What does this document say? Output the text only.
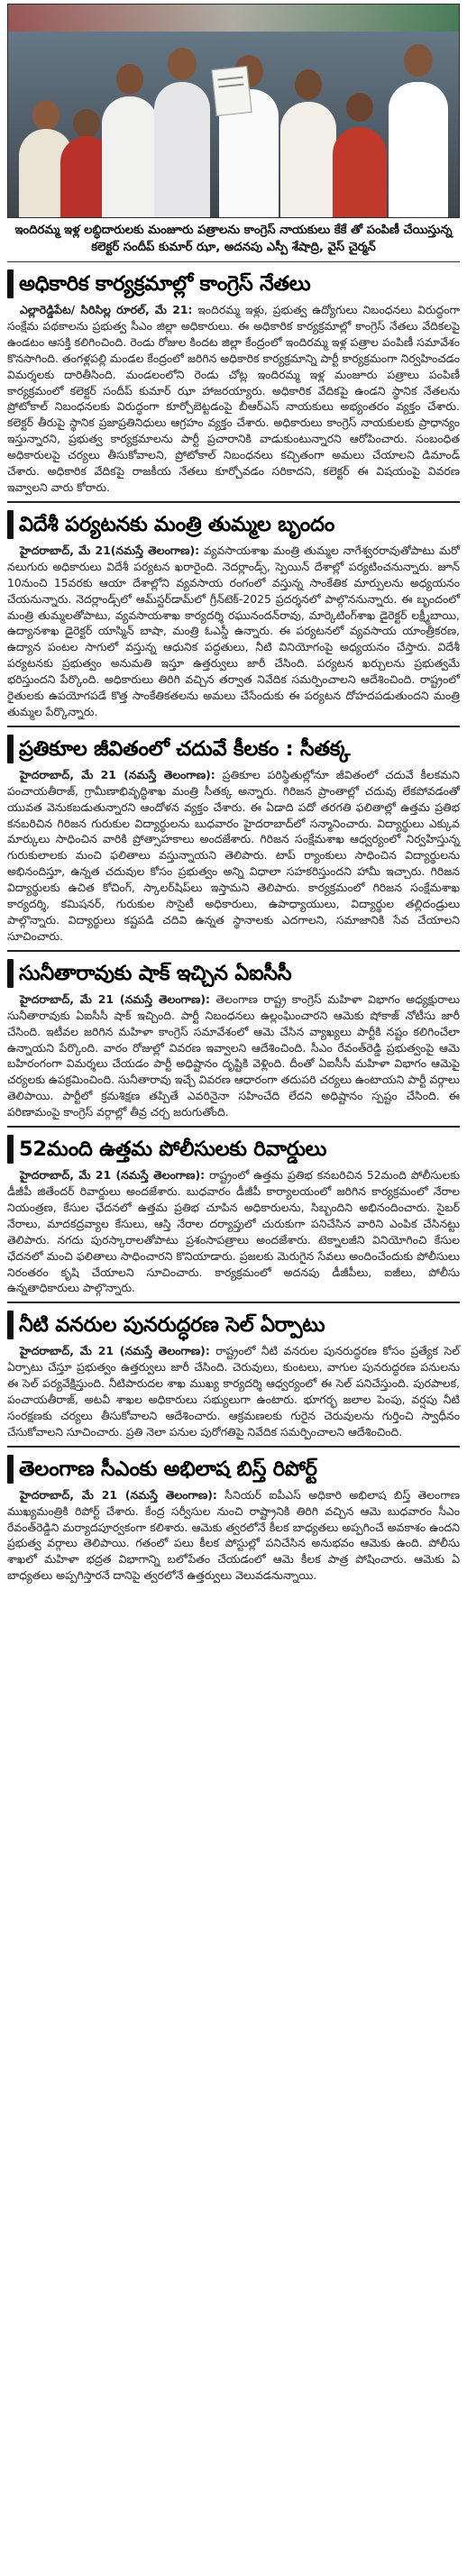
ఇందిరమ్మ ఇళ్ల లబ్ధిదారులకు మంజూరు పత్రాలను కాంగ్రెస్ నాయకులు కేకే తో పంపిణీ చేయిస్తున్న కలెక్టర్ సందీప్ కుమార్ ఝా, అదనపు ఎస్పీ శేషాద్రి, వైస్ చైర్మన్
అధికారిక కార్యక్రమాల్లో కాంగ్రెస్ నేతలు

ఎల్లారెడ్డిపేట/ సిరిసిల్ల రూరల్, మే 21: ఇందిరమ్మ ఇళ్లు, ప్రభుత్వ ఉద్యోగులు నిబంధనలు విరుద్ధంగా సంక్షేమ పథకాలను ప్రభుత్వ సీఎం జిల్లా అధికారులు. ఈ అధికారిక కార్యక్రమాల్లో కాంగ్రెస్ నేతలు వేదికలపై ఉండటం ఆసక్తి కలిగించింది. రెండు రోజుల కిందట జిల్లా కేంద్రంలో ఇందిరమ్మ ఇళ్ల పత్రాల పంపిణీ సమావేశం కొనసాగింది. తంగళ్లపల్లి మండల కేంద్రంలో జరిగిన అధికారిక కార్యక్రమాన్ని పార్టీ కార్యక్రమంగా నిర్వహించడం విమర్శలకు దారితీసింది. మండలంలోని రెండు చోట్ల ఇందిరమ్మ ఇళ్ల మంజూరు పత్రాలు పంపిణీ కార్యక్రమంలో కలెక్టర్ సందీప్ కుమార్ ఝా హాజరయ్యారు. అధికారిక వేదికపై ఉండని స్థానిక నేతలను ప్రోటోకాల్ నిబంధనలకు విరుద్ధంగా కూర్చోబెట్టడంపై బీఆర్ఎస్ నాయకులు అభ్యంతరం వ్యక్తం చేశారు. కలెక్టర్ తీరుపై స్థానిక ప్రజాప్రతినిధులు ఆగ్రహం వ్యక్తం చేశారు. అధికారులు కాంగ్రెస్ నాయకులకు ప్రాధాన్యం ఇస్తున్నారని, ప్రభుత్వ కార్యక్రమాలను పార్టీ ప్రచారానికి వాడుకుంటున్నారని ఆరోపించారు. సంబంధిత అధికారులపై చర్యలు తీసుకోవాలని, ప్రోటోకాల్ నిబంధనలు కచ్చితంగా అమలు చేయాలని డిమాండ్ చేశారు. అధికారిక వేదికపై రాజకీయ నేతలు కూర్చోవడం సరికాదని, కలెక్టర్ ఈ విషయంపై వివరణ ఇవ్వాలని వారు కోరారు.

విదేశీ పర్యటనకు మంత్రి తుమ్మల బృందం

హైదరాబాద్, మే 21(నమస్తే తెలంగాణ): వ్యవసాయశాఖ మంత్రి తుమ్మల నాగేశ్వరరావుతోపాటు మరో నలుగురు అధికారులు విదేశీ పర్యటన ఖరారైంది. నెదర్లాండ్స్, స్పెయిన్ దేశాల్లో పర్యటించనున్నారు. జూన్ 10నుంచి 15వరకు ఆయా దేశాల్లోని వ్యవసాయ రంగంలో వస్తున్న సాంకేతిక మార్పులను అధ్యయనం చేయనున్నారు. నెదర్లాండ్స్‌లో ఆమ్‌స్టర్‌డామ్‌లో గ్రీన్‌టెక్-2025 ప్రదర్శనలో పాల్గొననున్నారు. ఈ బృందంలో మంత్రి తుమ్మలతోపాటు, వ్యవసాయశాఖ కార్యదర్శి రఘునందన్‌రావు, మార్కెటింగ్‌శాఖ డైరెక్టర్ లక్ష్మీబాయి, ఉద్యానశాఖ డైరెక్టర్ యాస్మిన్ బాషా, మంత్రి ఓఎస్డీ ఉన్నారు. ఈ పర్యటనలో వ్యవసాయ యాంత్రీకరణ, ఉద్యాన పంటల సాగులో వస్తున్న ఆధునిక పద్ధతులు, నీటి వినియోగంపై అధ్యయనం చేస్తారు. విదేశీ పర్యటనకు ప్రభుత్వం అనుమతి ఇస్తూ ఉత్తర్వులు జారీ చేసింది. పర్యటన ఖర్చులను ప్రభుత్వమే భరిస్తుందని పేర్కొంది. అధికారులు తిరిగి వచ్చిన తర్వాత నివేదిక సమర్పించాలని ఆదేశించింది. రాష్ట్రంలో రైతులకు ఉపయోగపడే కొత్త సాంకేతికతలను అమలు చేసేందుకు ఈ పర్యటన దోహదపడుతుందని మంత్రి తుమ్మల పేర్కొన్నారు.

ప్రతికూల జీవితంలో చదువే కీలకం : సీతక్క

హైదరాబాద్, మే 21 (నమస్తే తెలంగాణ): ప్రతికూల పరిస్థితుల్లోనూ జీవితంలో చదువే కీలకమని పంచాయతీరాజ్, గ్రామీణాభివృద్ధిశాఖ మంత్రి సీతక్క అన్నారు. గిరిజన ప్రాంతాల్లో చదువు లేకపోవడంతో యువత వెనుకబడుతున్నారని ఆందోళన వ్యక్తం చేశారు. ఈ ఏడాది పదో తరగతి ఫలితాల్లో ఉత్తమ ప్రతిభ కనబరిచిన గిరిజన గురుకుల విద్యార్థులను బుధవారం హైదరాబాద్‌లో సన్మానించారు. విద్యార్థులు ఎక్కువ మార్కులు సాధించిన వారికి ప్రోత్సాహకాలు అందజేశారు. గిరిజన సంక్షేమశాఖ ఆధ్వర్యంలో నిర్వహిస్తున్న గురుకులాలకు మంచి ఫలితాలు వస్తున్నాయని తెలిపారు. టాప్ ర్యాంకులు సాధించిన విద్యార్థులను అభినందిస్తూ, ఉన్నత చదువుల కోసం ప్రభుత్వం అన్ని విధాలా సహకరిస్తుందని హామీ ఇచ్చారు. గిరిజన విద్యార్థులకు ఉచిత కోచింగ్, స్కాలర్‌షిప్‌లు ఇస్తామని తెలిపారు. కార్యక్రమంలో గిరిజన సంక్షేమశాఖ కార్యదర్శి, కమిషనర్, గురుకుల సొసైటీ అధికారులు, ఉపాధ్యాయులు, విద్యార్థుల తల్లిదండ్రులు పాల్గొన్నారు. విద్యార్థులు కష్టపడి చదివి ఉన్నత స్థానాలకు ఎదగాలని, సమాజానికి సేవ చేయాలని సూచించారు.

సునీతారావుకు షాక్ ఇచ్చిన ఏఐసీసీ

హైదరాబాద్, మే 21 (నమస్తే తెలంగాణ): తెలంగాణ రాష్ట్ర కాంగ్రెస్ మహిళా విభాగం అధ్యక్షురాలు సునీతారావుకు ఏఐసీసీ షాక్ ఇచ్చింది. పార్టీ నిబంధనలు ఉల్లంఘించారని ఆమెకు షోకాజ్ నోటీసు జారీ చేసింది. ఇటీవల జరిగిన మహిళా కాంగ్రెస్ సమావేశంలో ఆమె చేసిన వ్యాఖ్యలు పార్టీకి నష్టం కలిగించేలా ఉన్నాయని పేర్కొంది. వారం రోజుల్లో వివరణ ఇవ్వాలని ఆదేశించింది. సీఎం రేవంత్‌రెడ్డి ప్రభుత్వంపై ఆమె బహిరంగంగా విమర్శలు చేయడం పార్టీ అధిష్టానం దృష్టికి వెళ్లింది. దీంతో ఏఐసీసీ మహిళా విభాగం ఆమెపై చర్యలకు ఉపక్రమించింది. సునీతారావు ఇచ్చే వివరణ ఆధారంగా తదుపరి చర్యలు ఉంటాయని పార్టీ వర్గాలు తెలిపాయి. పార్టీలో క్రమశిక్షణ తప్పితే ఎవరినైనా సహించేది లేదని అధిష్టానం స్పష్టం చేసింది. ఈ పరిణామంపై కాంగ్రెస్ వర్గాల్లో తీవ్ర చర్చ జరుగుతోంది.

52మంది ఉత్తమ పోలీసులకు రివార్డులు

హైదరాబాద్, మే 21 (నమస్తే తెలంగాణ): రాష్ట్రంలో ఉత్తమ ప్రతిభ కనబరిచిన 52మంది పోలీసులకు డీజీపీ జితేందర్ రివార్డులు అందజేశారు. బుధవారం డీజీపీ కార్యాలయంలో జరిగిన కార్యక్రమంలో నేరాల నియంత్రణ, కేసుల ఛేదనలో ఉత్తమ ప్రతిభ చూపిన అధికారులను, సిబ్బందిని అభినందించారు. సైబర్ నేరాలు, మాదకద్రవ్యాల కేసులు, ఆస్తి నేరాల దర్యాప్తులో చురుకుగా పనిచేసిన వారిని ఎంపిక చేసినట్టు తెలిపారు. నగదు పురస్కారాలతోపాటు ప్రశంసాపత్రాలు అందజేశారు. టెక్నాలజీని వినియోగించి కేసుల ఛేదనలో మంచి ఫలితాలు సాధించారని కొనియాడారు. ప్రజలకు మెరుగైన సేవలు అందించేందుకు పోలీసులు నిరంతరం కృషి చేయాలని సూచించారు. కార్యక్రమంలో అదనపు డీజీపీలు, ఐజీలు, పోలీసు ఉన్నతాధికారులు పాల్గొన్నారు.

నీటి వనరుల పునరుద్ధరణ సెల్ ఏర్పాటు

హైదరాబాద్, మే 21 (నమస్తే తెలంగాణ): రాష్ట్రంలో నీటి వనరుల పునరుద్ధరణ కోసం ప్రత్యేక సెల్ ఏర్పాటు చేస్తూ ప్రభుత్వం ఉత్తర్వులు జారీ చేసింది. చెరువులు, కుంటలు, వాగుల పునరుద్ధరణ పనులను ఈ సెల్ పర్యవేక్షిస్తుంది. నీటిపారుదల శాఖ ముఖ్య కార్యదర్శి ఆధ్వర్యంలో ఈ సెల్ పనిచేస్తుంది. పురపాలక, పంచాయతీరాజ్, అటవీ శాఖల అధికారులు సభ్యులుగా ఉంటారు. భూగర్భ జలాల పెంపు, వర్షపు నీటి సంరక్షణకు చర్యలు తీసుకోవాలని ఆదేశించారు. ఆక్రమణలకు గురైన చెరువులను గుర్తించి స్వాధీనం చేసుకోవాలని సూచించారు. ప్రతి నెలా పనుల పురోగతిపై నివేదిక సమర్పించాలని ఆదేశించింది.

తెలంగాణ సీఎంకు అభిలాష బిస్త్ రిపోర్ట్

హైదరాబాద్, మే 21 (నమస్తే తెలంగాణ): సీనియర్ ఐపీఎస్ అధికారి అభిలాష బిస్త్ తెలంగాణ ముఖ్యమంత్రికి రిపోర్ట్ చేశారు. కేంద్ర సర్వీసుల నుంచి రాష్ట్రానికి తిరిగి వచ్చిన ఆమె బుధవారం సీఎం రేవంత్‌రెడ్డిని మర్యాదపూర్వకంగా కలిశారు. ఆమెకు త్వరలోనే కీలక బాధ్యతలు అప్పగించే అవకాశం ఉందని ప్రభుత్వ వర్గాలు తెలిపాయి. గతంలో పలు కీలక పోస్టుల్లో పనిచేసిన అనుభవం ఆమెకు ఉంది. పోలీసు శాఖలో మహిళా భద్రత విభాగాన్ని బలోపేతం చేయడంలో ఆమె కీలక పాత్ర పోషించారు. ఆమెకు ఏ బాధ్యతలు అప్పగిస్తారనే దానిపై త్వరలోనే ఉత్తర్వులు వెలువడనున్నాయి.
